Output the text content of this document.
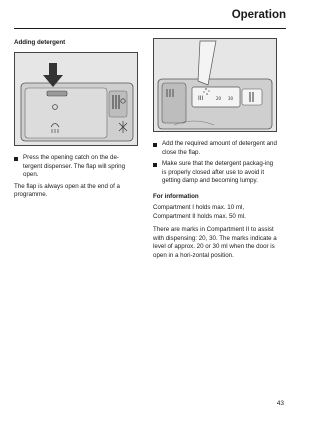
Operation
Adding detergent
Press the opening catch on the de-tergent dispenser. The flap will spring open.
The flap is always open at the end of a programme.
III	20 30
Add the required amount of detergent and close the flap.
Make sure that the detergent packag-ing is properly closed after use to avoid it getting damp and becoming lumpy.
For information
Compartment I holds max. 10 ml, Compartment II holds max. 50 ml.
There are marks in Compartment II to assist with dispensing: 20, 30. The marks indicate a level of approx. 20 or 30 ml when the door is open in a hori-zontal position.
43
